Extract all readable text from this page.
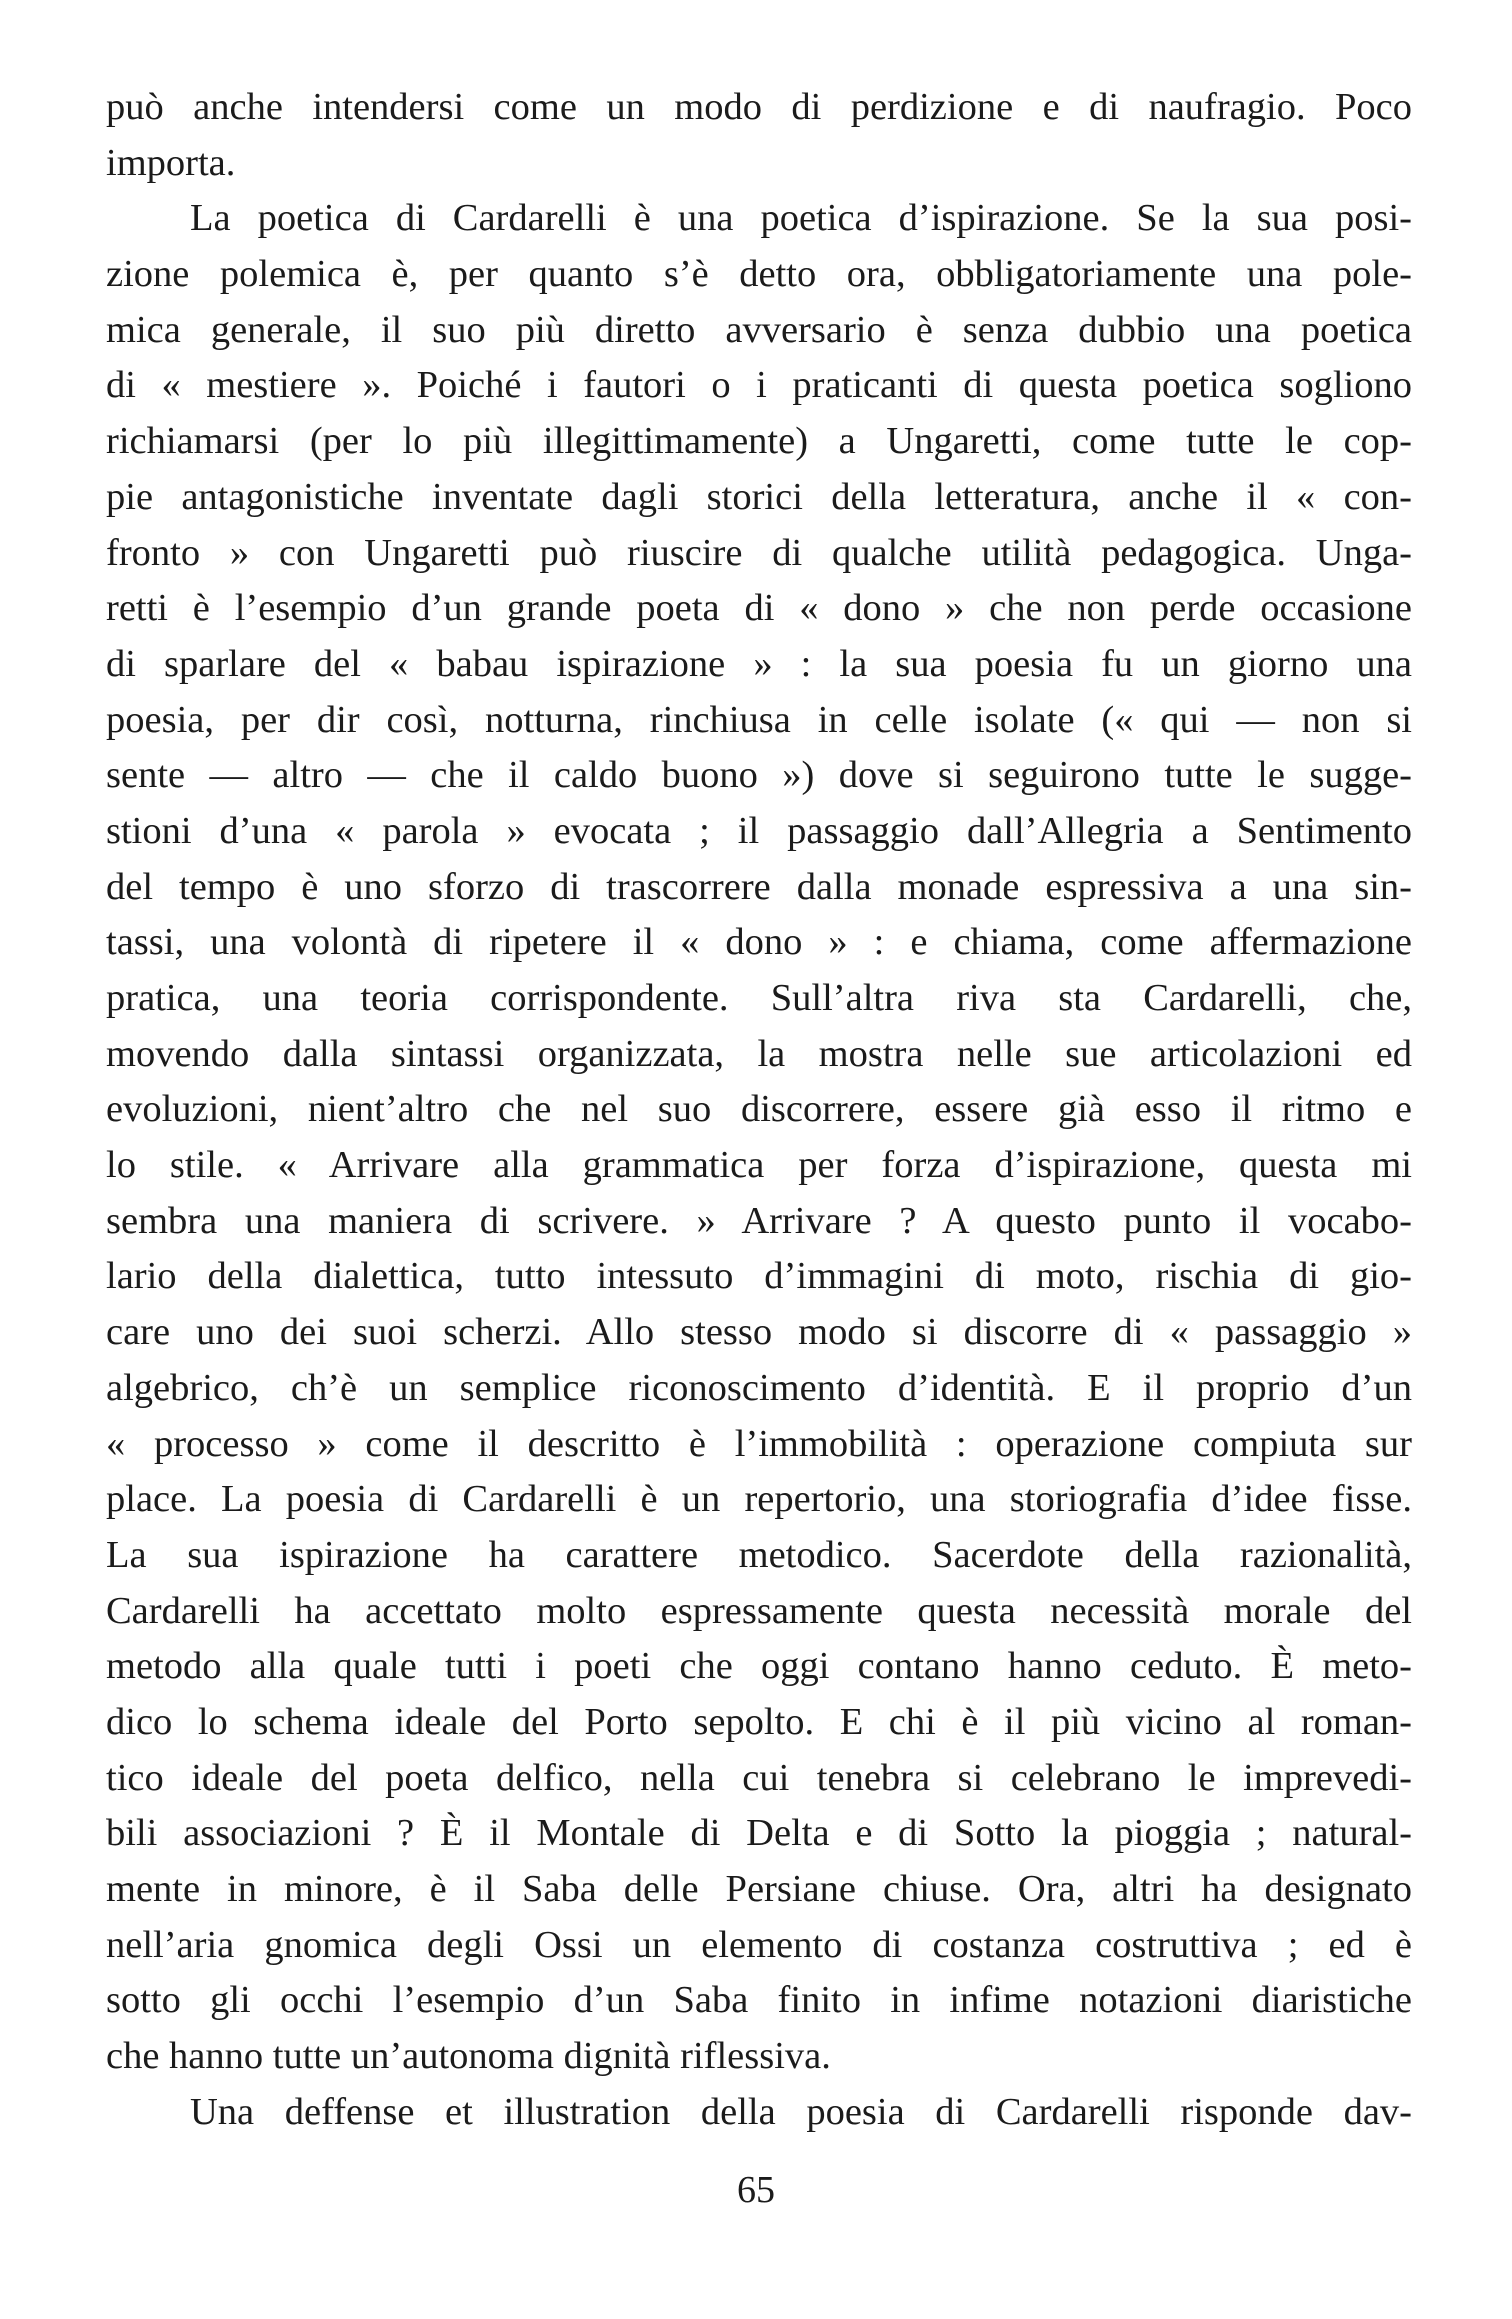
può anche intendersi come un modo di perdizione e di naufragio. Poco
importa.
La poetica di Cardarelli è una poetica d’ispirazione. Se la sua posi-
zione polemica è, per quanto s’è detto ora, obbligatoriamente una pole-
mica generale, il suo più diretto avversario è senza dubbio una poetica
di « mestiere ». Poiché i fautori o i praticanti di questa poetica sogliono
richiamarsi (per lo più illegittimamente) a Ungaretti, come tutte le cop-
pie antagonistiche inventate dagli storici della letteratura, anche il « con-
fronto » con Ungaretti può riuscire di qualche utilità pedagogica. Unga-
retti è l’esempio d’un grande poeta di « dono » che non perde occasione
di sparlare del « babau ispirazione » : la sua poesia fu un giorno una
poesia, per dir così, notturna, rinchiusa in celle isolate (« qui — non si
sente — altro — che il caldo buono ») dove si seguirono tutte le sugge-
stioni d’una « parola » evocata ; il passaggio dall’Allegria a Sentimento
del tempo è uno sforzo di trascorrere dalla monade espressiva a una sin-
tassi, una volontà di ripetere il « dono » : e chiama, come affermazione
pratica, una teoria corrispondente. Sull’altra riva sta Cardarelli, che,
movendo dalla sintassi organizzata, la mostra nelle sue articolazioni ed
evoluzioni, nient’altro che nel suo discorrere, essere già esso il ritmo e
lo stile. « Arrivare alla grammatica per forza d’ispirazione, questa mi
sembra una maniera di scrivere. » Arrivare ? A questo punto il vocabo-
lario della dialettica, tutto intessuto d’immagini di moto, rischia di gio-
care uno dei suoi scherzi. Allo stesso modo si discorre di « passaggio »
algebrico, ch’è un semplice riconoscimento d’identità. E il proprio d’un
« processo » come il descritto è l’immobilità : operazione compiuta sur
place. La poesia di Cardarelli è un repertorio, una storiografia d’idee fisse.
La sua ispirazione ha carattere metodico. Sacerdote della razionalità,
Cardarelli ha accettato molto espressamente questa necessità morale del
metodo alla quale tutti i poeti che oggi contano hanno ceduto. È meto-
dico lo schema ideale del Porto sepolto. E chi è il più vicino al roman-
tico ideale del poeta delfico, nella cui tenebra si celebrano le imprevedi-
bili associazioni ? È il Montale di Delta e di Sotto la pioggia ; natural-
mente in minore, è il Saba delle Persiane chiuse. Ora, altri ha designato
nell’aria gnomica degli Ossi un elemento di costanza costruttiva ; ed è
sotto gli occhi l’esempio d’un Saba finito in infime notazioni diaristiche
che hanno tutte un’autonoma dignità riflessiva.
Una deffense et illustration della poesia di Cardarelli risponde dav-
65
